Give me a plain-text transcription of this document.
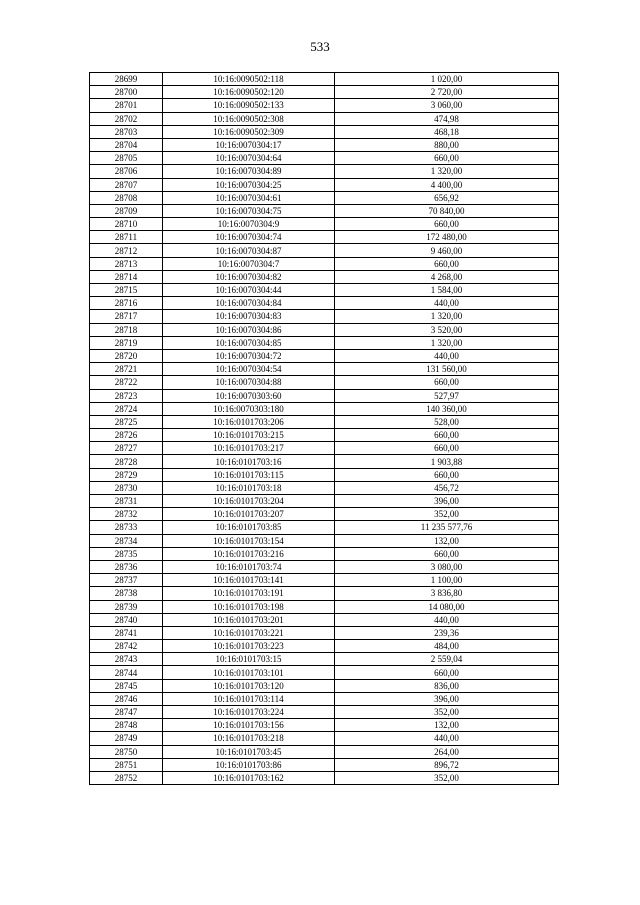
533
28699	10:16:0090502:118	1 020,00
28700	10:16:0090502:120	2 720,00
28701	10:16:0090502:133	3 060,00
28702	10:16:0090502:308	474,98
28703	10:16:0090502:309	468,18
28704	10:16:0070304:17	880,00
28705	10:16:0070304:64	660,00
28706	10:16:0070304:89	1 320,00
28707	10:16:0070304:25	4 400,00
28708	10:16:0070304:61	656,92
28709	10:16:0070304:75	70 840,00
28710	10:16:0070304:9	660,00
28711	10:16:0070304:74	172 480,00
28712	10:16:0070304:87	9 460,00
28713	10:16:0070304:7	660,00
28714	10:16:0070304:82	4 268,00
28715	10:16:0070304:44	1 584,00
28716	10:16:0070304:84	440,00
28717	10:16:0070304:83	1 320,00
28718	10:16:0070304:86	3 520,00
28719	10:16:0070304:85	1 320,00
28720	10:16:0070304:72	440,00
28721	10:16:0070304:54	131 560,00
28722	10:16:0070304:88	660,00
28723	10:16:0070303:60	527,97
28724	10:16:0070303:180	140 360,00
28725	10:16:0101703:206	528,00
28726	10:16:0101703:215	660,00
28727	10:16:0101703:217	660,00
28728	10:16:0101703:16	1 903,88
28729	10:16:0101703:115	660,00
28730	10:16:0101703:18	456,72
28731	10:16:0101703:204	396,00
28732	10:16:0101703:207	352,00
28733	10:16:0101703:85	11 235 577,76
28734	10:16:0101703:154	132,00
28735	10:16:0101703:216	660,00
28736	10:16:0101703:74	3 080,00
28737	10:16:0101703:141	1 100,00
28738	10:16:0101703:191	3 836,80
28739	10:16:0101703:198	14 080,00
28740	10:16:0101703:201	440,00
28741	10:16:0101703:221	239,36
28742	10:16:0101703:223	484,00
28743	10:16:0101703:15	2 559,04
28744	10:16:0101703:101	660,00
28745	10:16:0101703:120	836,00
28746	10:16:0101703:114	396,00
28747	10:16:0101703:224	352,00
28748	10:16:0101703:156	132,00
28749	10:16:0101703:218	440,00
28750	10:16:0101703:45	264,00
28751	10:16:0101703:86	896,72
28752	10:16:0101703:162	352,00
